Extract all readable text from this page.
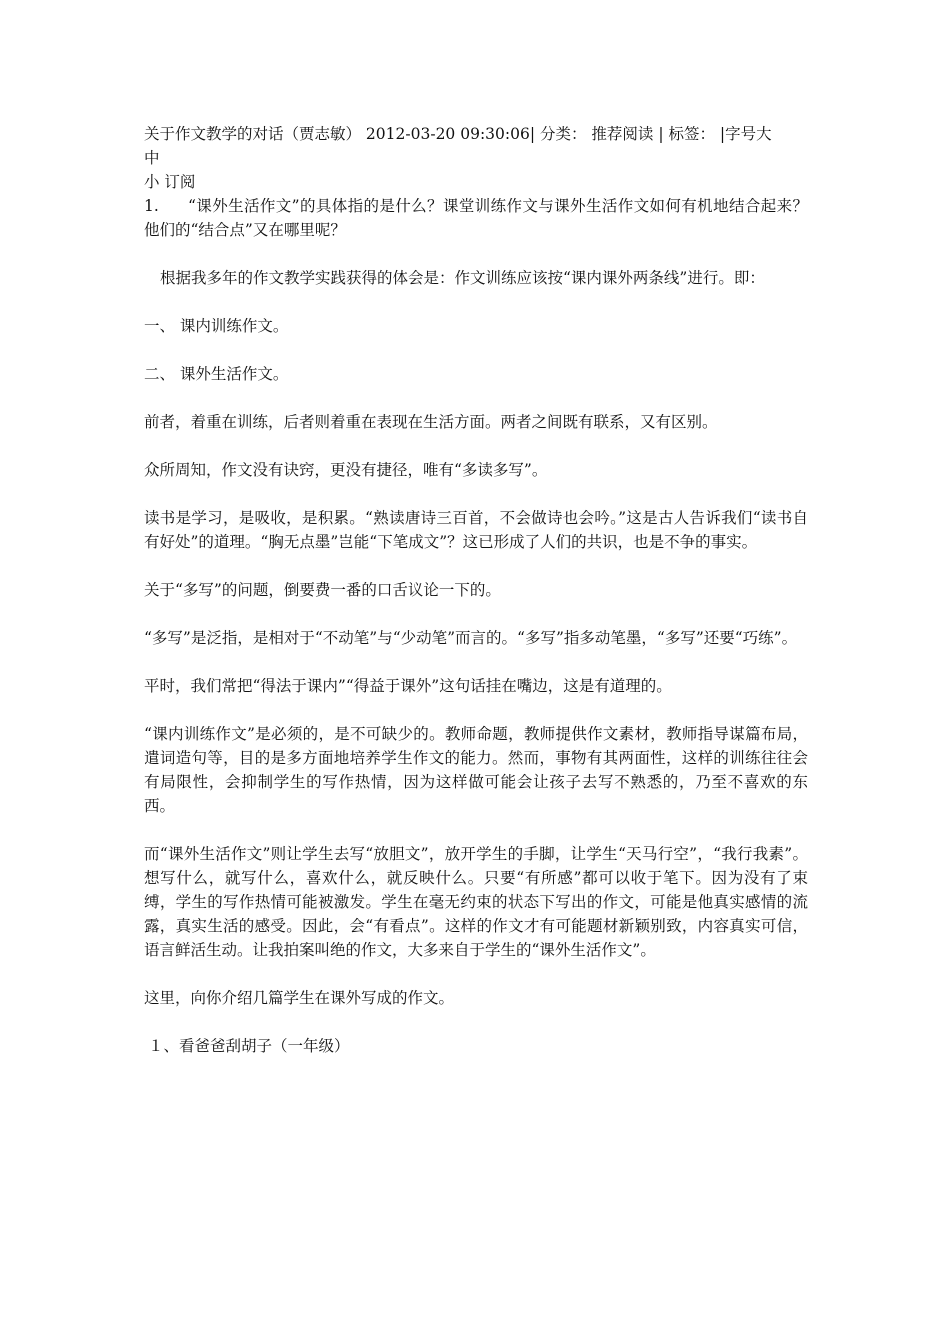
关于作文教学的对话（贾志敏） 2012-03-20 09:30:06| 分类： 推荐阅读 | 标签： |字号大
中
小 订阅

1. “课外生活作文”的具体指的是什么？课堂训练作文与课外生活作文如何有机地结合起来？他们的“结合点”又在哪里呢？

根据我多年的作文教学实践获得的体会是：作文训练应该按“课内课外两条线”进行。即：

一、 课内训练作文。

二、 课外生活作文。

前者，着重在训练，后者则着重在表现在生活方面。两者之间既有联系，又有区别。

众所周知，作文没有诀窍，更没有捷径，唯有“多读多写”。

读书是学习，是吸收，是积累。“熟读唐诗三百首，不会做诗也会吟。”这是古人告诉我们“读书自有好处”的道理。“胸无点墨”岂能“下笔成文”？这已形成了人们的共识，也是不争的事实。

关于“多写”的问题，倒要费一番的口舌议论一下的。

“多写”是泛指，是相对于“不动笔”与“少动笔”而言的。“多写”指多动笔墨，“多写”还要“巧练”。

平时，我们常把“得法于课内”“得益于课外”这句话挂在嘴边，这是有道理的。

“课内训练作文”是必须的，是不可缺少的。教师命题，教师提供作文素材，教师指导谋篇布局，遣词造句等，目的是多方面地培养学生作文的能力。然而，事物有其两面性，这样的训练往往会有局限性，会抑制学生的写作热情，因为这样做可能会让孩子去写不熟悉的，乃至不喜欢的东西。

而“课外生活作文”则让学生去写“放胆文”，放开学生的手脚，让学生“天马行空”，“我行我素”。想写什么，就写什么，喜欢什么，就反映什么。只要“有所感”都可以收于笔下。因为没有了束缚，学生的写作热情可能被激发。学生在毫无约束的状态下写出的作文，可能是他真实感情的流露，真实生活的感受。因此，会“有看点”。这样的作文才有可能题材新颖别致，内容真实可信，语言鲜活生动。让我拍案叫绝的作文，大多来自于学生的“课外生活作文”。

这里，向你介绍几篇学生在课外写成的作文。

１、看爸爸刮胡子（一年级）
